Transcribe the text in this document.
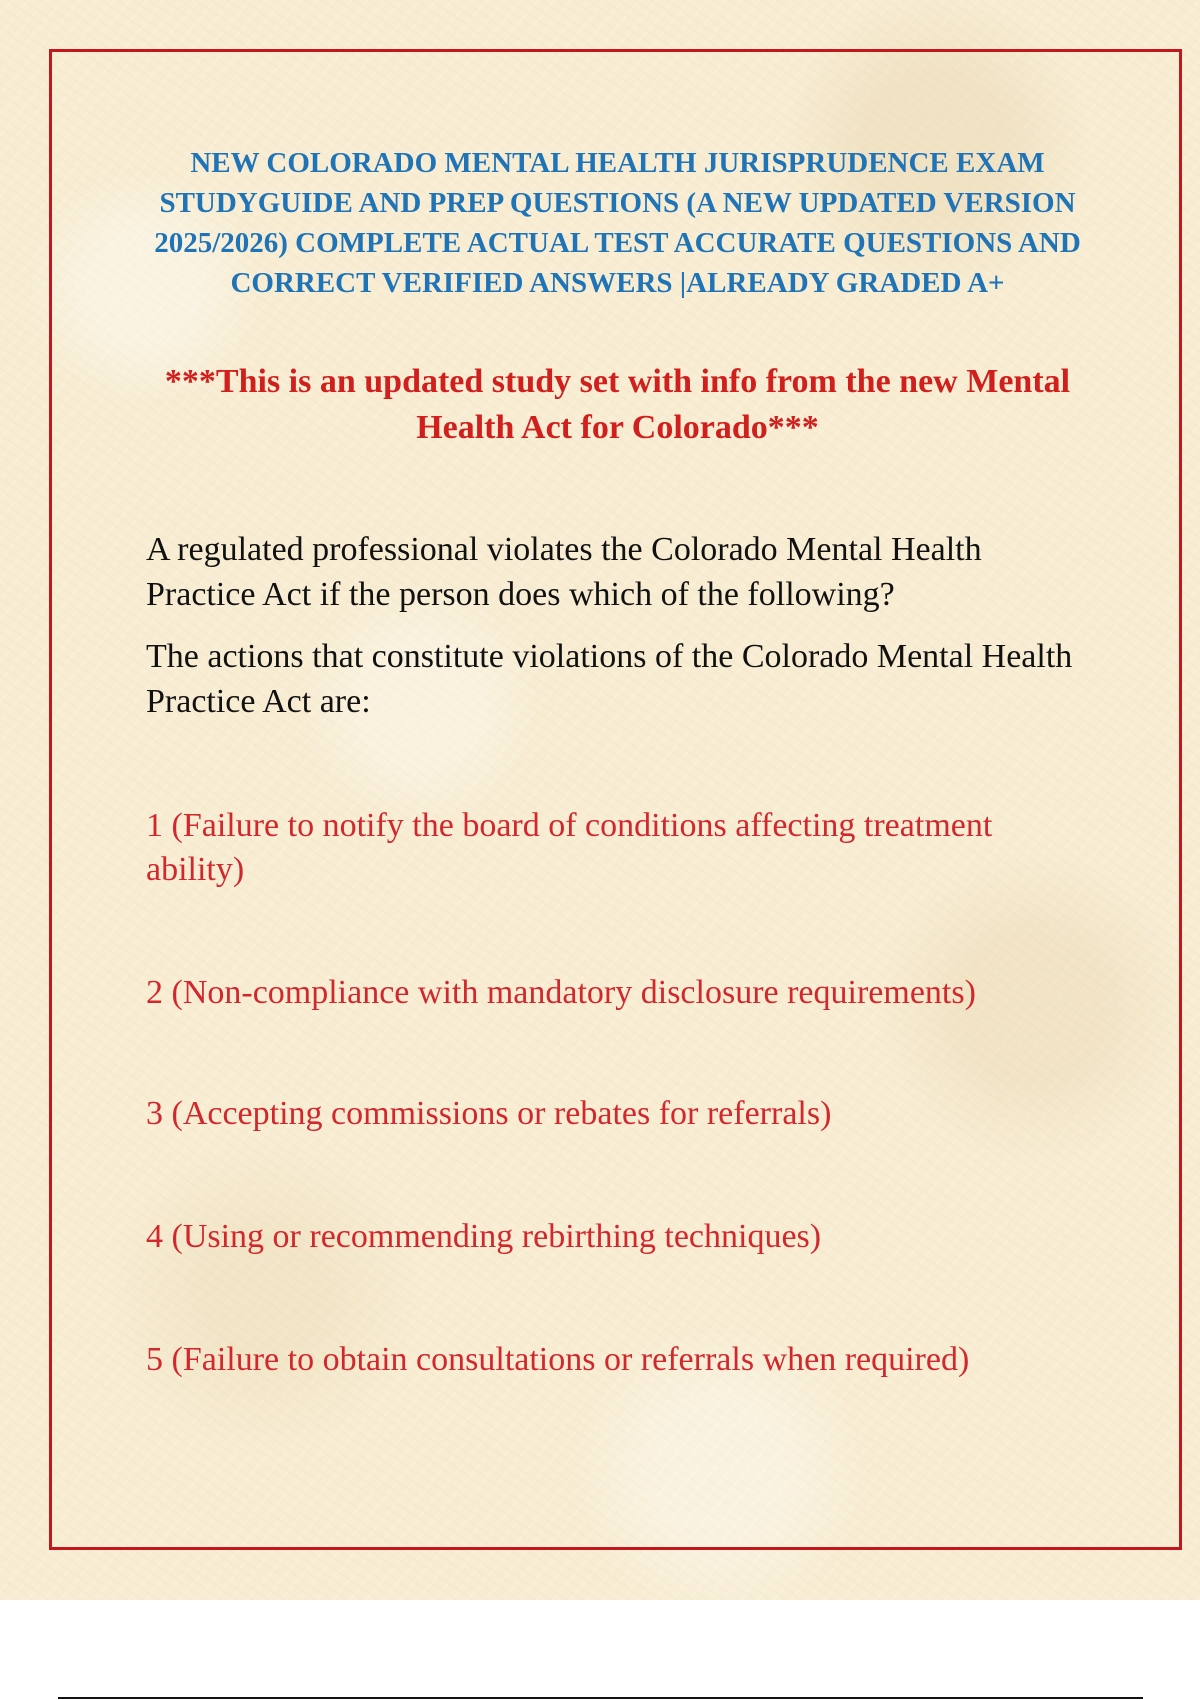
NEW COLORADO MENTAL HEALTH JURISPRUDENCE EXAM STUDYGUIDE AND PREP QUESTIONS (A NEW UPDATED VERSION 2025/2026) COMPLETE ACTUAL TEST ACCURATE QUESTIONS AND CORRECT VERIFIED ANSWERS |ALREADY GRADED A+

***This is an updated study set with info from the new Mental Health Act for Colorado***

A regulated professional violates the Colorado Mental Health Practice Act if the person does which of the following?

The actions that constitute violations of the Colorado Mental Health Practice Act are:

1 (Failure to notify the board of conditions affecting treatment ability)

2 (Non-compliance with mandatory disclosure requirements)

3 (Accepting commissions or rebates for referrals)

4 (Using or recommending rebirthing techniques)

5 (Failure to obtain consultations or referrals when required)
